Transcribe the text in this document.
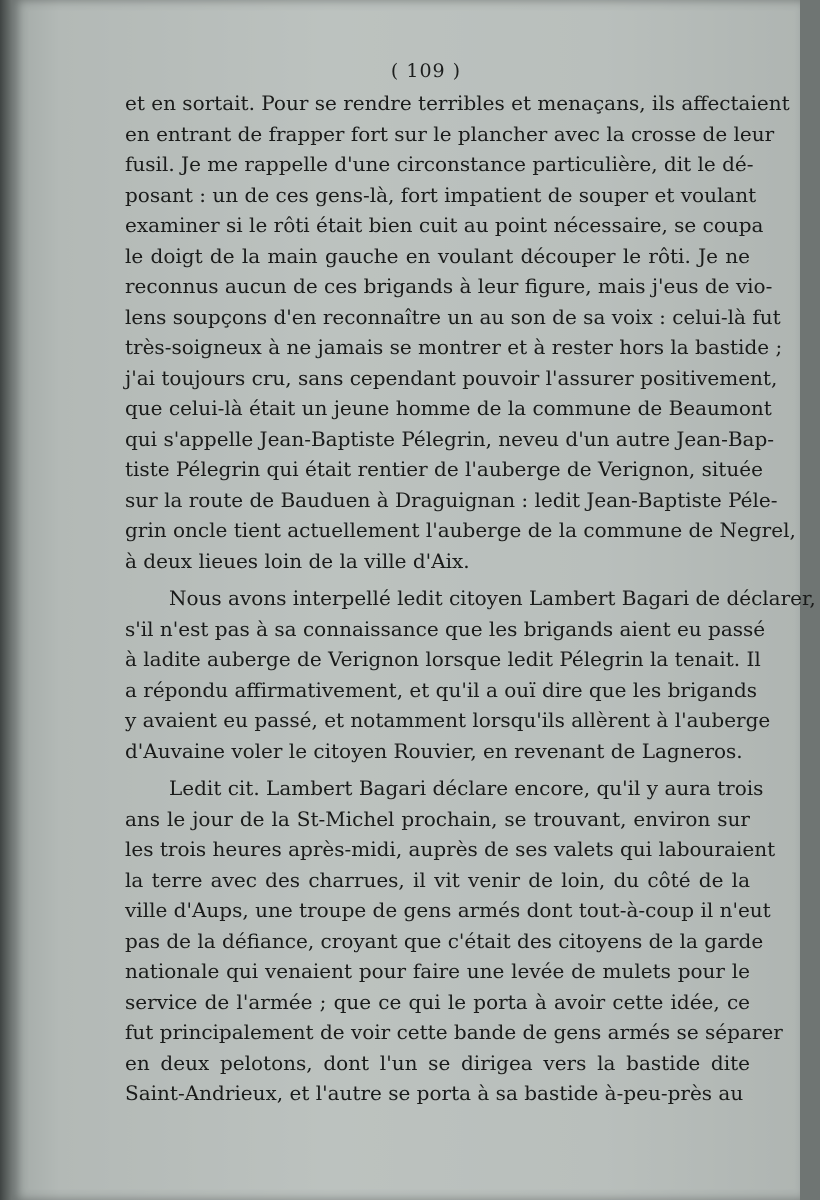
( 109 )
et en sortait. Pour se rendre terribles et menaçans, ils affectaient
en entrant de frapper fort sur le plancher avec la crosse de leur
fusil. Je me rappelle d'une circonstance particulière, dit le dé-
posant : un de ces gens-là, fort impatient de souper et voulant
examiner si le rôti était bien cuit au point nécessaire, se coupa
le doigt de la main gauche en voulant découper le rôti. Je ne
reconnus aucun de ces brigands à leur figure, mais j'eus de vio-
lens soupçons d'en reconnaître un au son de sa voix : celui-là fut
très-soigneux à ne jamais se montrer et à rester hors la bastide ;
j'ai toujours cru, sans cependant pouvoir l'assurer positivement,
que celui-là était un jeune homme de la commune de Beaumont
qui s'appelle Jean-Baptiste Pélegrin, neveu d'un autre Jean-Bap-
tiste Pélegrin qui était rentier de l'auberge de Verignon, située
sur la route de Bauduen à Draguignan : ledit Jean-Baptiste Péle-
grin oncle tient actuellement l'auberge de la commune de Negrel,
à deux lieues loin de la ville d'Aix.
Nous avons interpellé ledit citoyen Lambert Bagari de déclarer,
s'il n'est pas à sa connaissance que les brigands aient eu passé
à ladite auberge de Verignon lorsque ledit Pélegrin la tenait. Il
a répondu affirmativement, et qu'il a ouï dire que les brigands
y avaient eu passé, et notamment lorsqu'ils allèrent à l'auberge
d'Auvaine voler le citoyen Rouvier, en revenant de Lagneros.
Ledit cit. Lambert Bagari déclare encore, qu'il y aura trois
ans le jour de la St-Michel prochain, se trouvant, environ sur
les trois heures après-midi, auprès de ses valets qui labouraient
la terre avec des charrues, il vit venir de loin, du côté de la
ville d'Aups, une troupe de gens armés dont tout-à-coup il n'eut
pas de la défiance, croyant que c'était des citoyens de la garde
nationale qui venaient pour faire une levée de mulets pour le
service de l'armée ; que ce qui le porta à avoir cette idée, ce
fut principalement de voir cette bande de gens armés se séparer
en deux pelotons, dont l'un se dirigea vers la bastide dite
Saint-Andrieux, et l'autre se porta à sa bastide à-peu-près au
